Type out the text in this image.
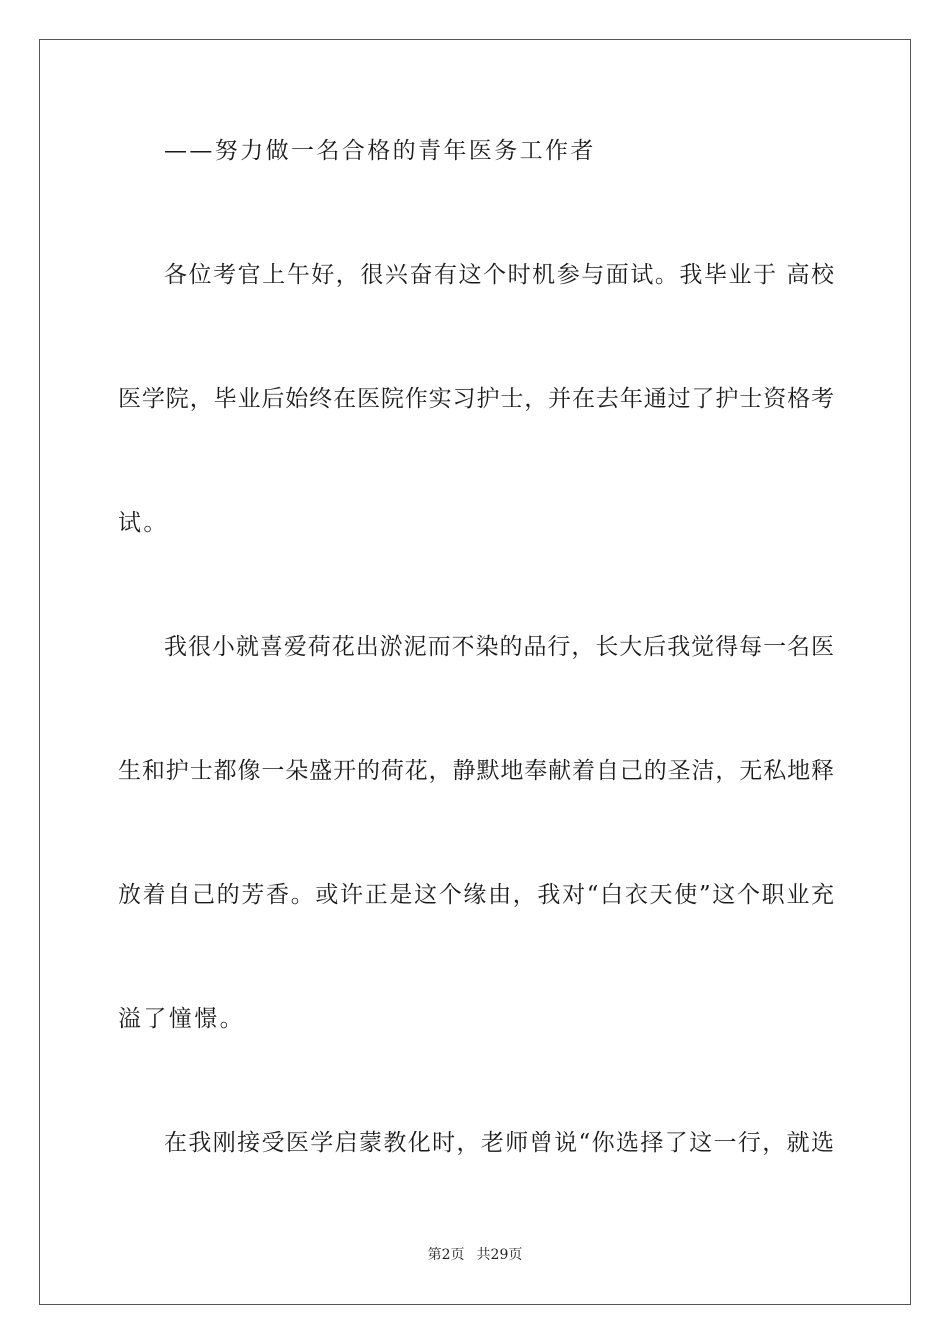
——努力做一名合格的青年医务工作者

各位考官上午好，很兴奋有这个时机参与面试。我毕业于 高校

医学院，毕业后始终在医院作实习护士，并在去年通过了护士资格考

试。

我很小就喜爱荷花出淤泥而不染的品行，长大后我觉得每一名医

生和护士都像一朵盛开的荷花，静默地奉献着自己的圣洁，无私地释

放着自己的芳香。或许正是这个缘由，我对“白衣天使”这个职业充

溢了憧憬。

在我刚接受医学启蒙教化时，老师曾说“你选择了这一行，就选

第2页 共29页
